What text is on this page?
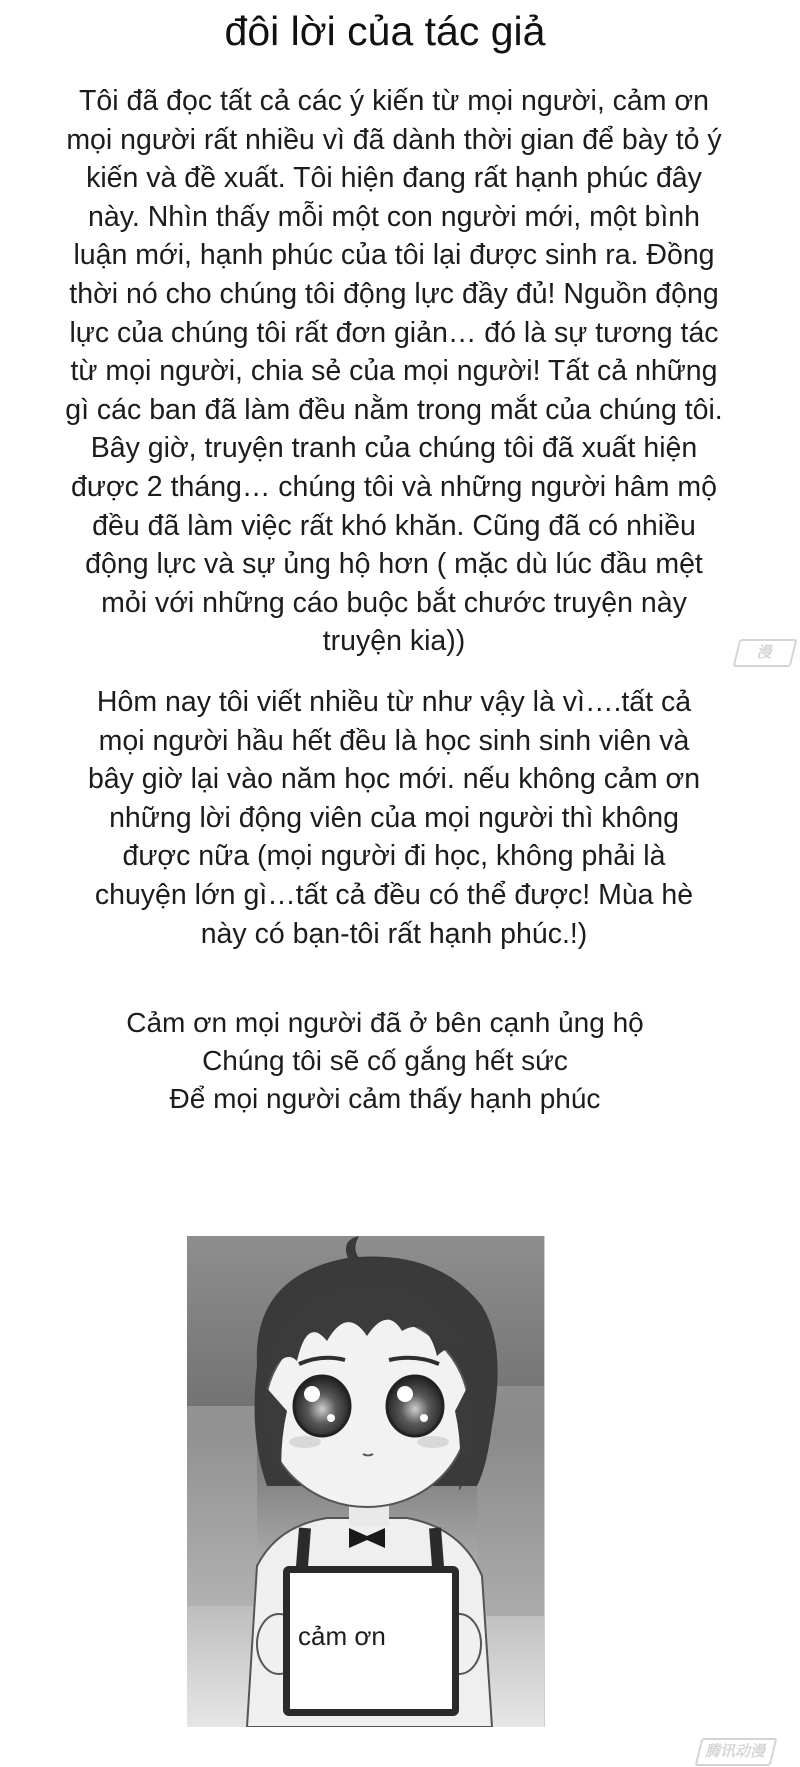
đôi lời của tác giả
Tôi đã đọc tất cả các ý kiến từ mọi người, cảm ơn
mọi người rất nhiều vì đã dành thời gian để bày tỏ ý
kiến và đề xuất. Tôi hiện đang rất hạnh phúc đây
này. Nhìn thấy mỗi một con người mới, một bình
luận mới, hạnh phúc của tôi lại được sinh ra. Đồng
thời nó cho chúng tôi động lực đầy đủ! Nguồn động
lực của chúng tôi rất đơn giản… đó là sự tương tác
từ mọi người, chia sẻ của mọi người! Tất cả những
gì các ban đã làm đều nằm trong mắt của chúng tôi.
Bây giờ, truyện tranh của chúng tôi đã xuất hiện
được 2 tháng… chúng tôi và những người hâm mộ
đều đã làm việc rất khó khăn. Cũng đã có nhiều
động lực và sự ủng hộ hơn ( mặc dù lúc đầu mệt
mỏi với những cáo buộc bắt chước truyện này
truyện kia))	漫
Hôm nay tôi viết nhiều từ như vậy là vì….tất cả
mọi người hầu hết đều là học sinh sinh viên và
bây giờ lại vào năm học mới. nếu không cảm ơn
những lời động viên của mọi người thì không
được nữa (mọi người đi học, không phải là
chuyện lớn gì…tất cả đều có thể được! Mùa hè
này có bạn-tôi rất hạnh phúc.!)
Cảm ơn mọi người đã ở bên cạnh ủng hộ
Chúng tôi sẽ cố gắng hết sức
Để mọi người cảm thấy hạnh phúc
cảm ơn
腾讯动漫
